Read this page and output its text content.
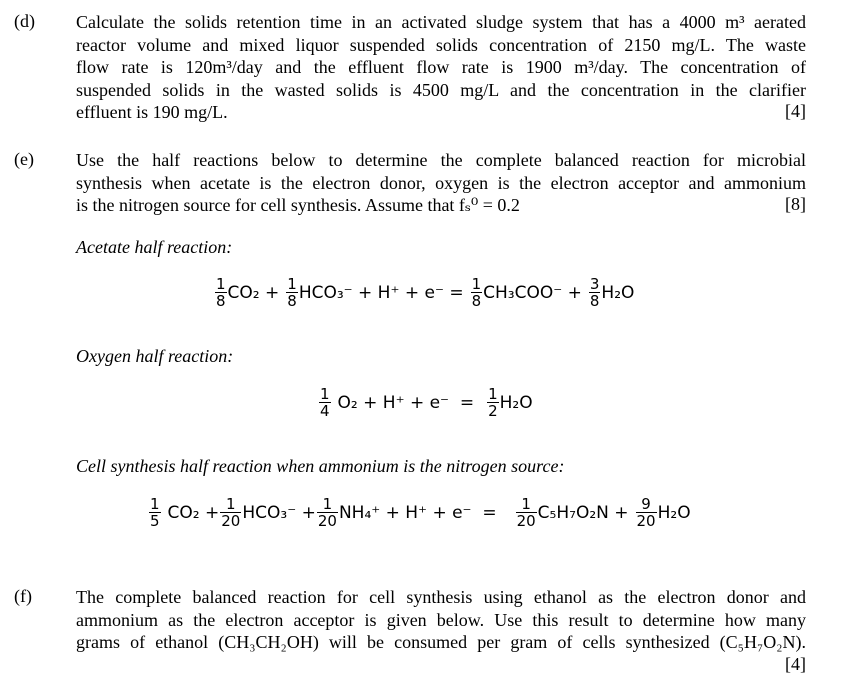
(d) Calculate the solids retention time in an activated sludge system that has a 4000 m³ aerated
reactor volume and mixed liquor suspended solids concentration of 2150 mg/L. The waste
flow rate is 120m³/day and the effluent flow rate is 1900 m³/day. The concentration of
suspended solids in the wasted solids is 4500 mg/L and the concentration in the clarifier
effluent is 190 mg/L.	[4]
(e) Use the half reactions below to determine the complete balanced reaction for microbial
synthesis when acetate is the electron donor, oxygen is the electron acceptor and ammonium
is the nitrogen source for cell synthesis. Assume that fₛ⁰ = 0.2	[8]
Acetate half reaction:
$\frac{1}{8} CO_2 + \frac{1}{8} HCO_3^- + H^+ + e^- = \frac{1}{8} CH_3COO^- + \frac{3}{8} H_2O$
Oxygen half reaction:
$\frac{1}{4} O_2 + H^+ + e^- = \frac{1}{2} H_2O$
Cell synthesis half reaction when ammonium is the nitrogen source:
$\frac{1}{5} CO_2 + \frac{1}{20} HCO_3^- + \frac{1}{20} NH_4^+ + H^+ + e^- = \frac{1}{20} C_5H_7O_2N + \frac{9}{20} H_2O$
(f) The complete balanced reaction for cell synthesis using ethanol as the electron donor and
ammonium as the electron acceptor is given below. Use this result to determine how many
grams of ethanol (CH₃CH₂OH) will be consumed per gram of cells synthesized (C₅H₇O₂N).
[4]
